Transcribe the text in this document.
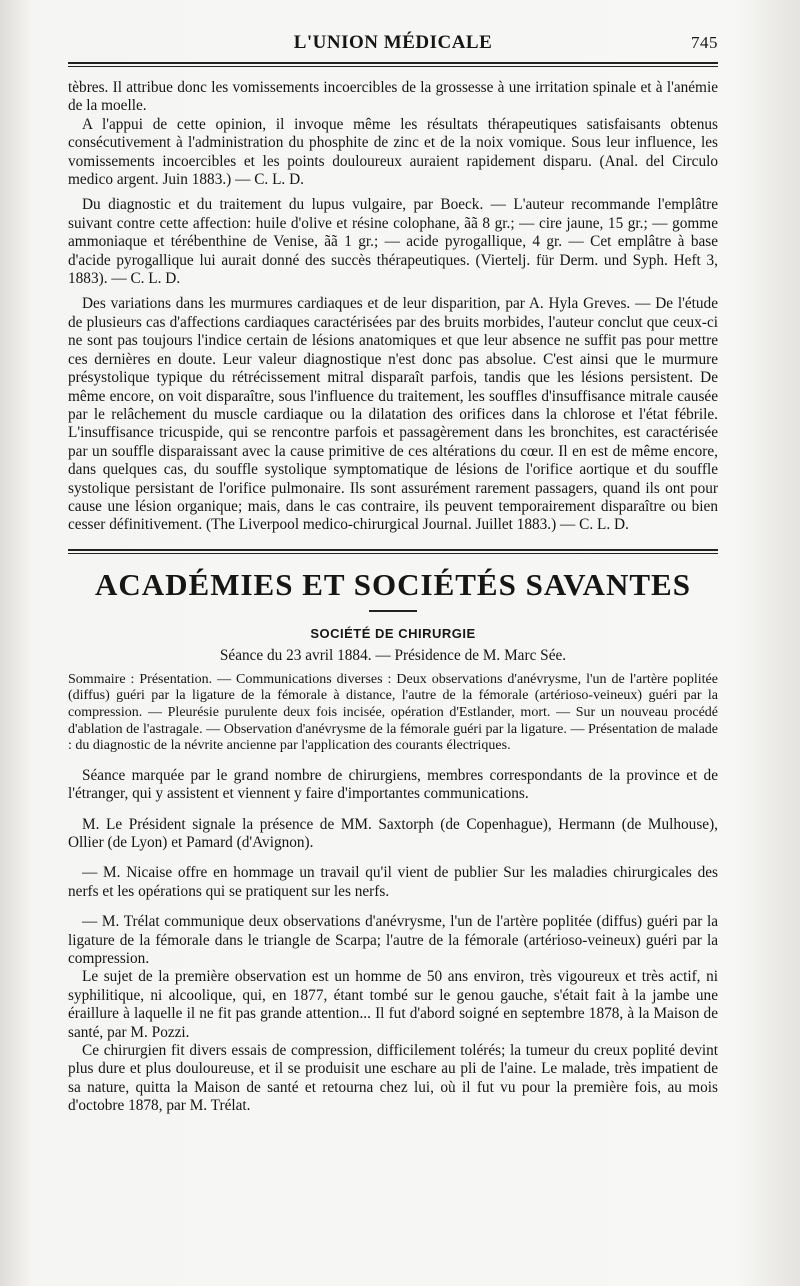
L'UNION MÉDICALE	745

tèbres. Il attribue donc les vomissements incoercibles de la grossesse à une irritation spinale et à l'anémie de la moelle.

A l'appui de cette opinion, il invoque même les résultats thérapeutiques satisfaisants obtenus consécutivement à l'administration du phosphite de zinc et de la noix vomique. Sous leur influence, les vomissements incoercibles et les points douloureux auraient rapidement disparu. (Anal. del Circulo medico argent. Juin 1883.) — C. L. D.

Du diagnostic et du traitement du lupus vulgaire, par Boeck. — L'auteur recommande l'emplâtre suivant contre cette affection: huile d'olive et résine colophane, ãã 8 gr.; — cire jaune, 15 gr.; — gomme ammoniaque et térébenthine de Venise, ãã 1 gr.; — acide pyrogallique, 4 gr. — Cet emplâtre à base d'acide pyrogallique lui aurait donné des succès thérapeutiques. (Viertelj. für Derm. und Syph. Heft 3, 1883). — C. L. D.

Des variations dans les murmures cardiaques et de leur disparition, par A. Hyla Greves. — De l'étude de plusieurs cas d'affections cardiaques caractérisées par des bruits morbides, l'auteur conclut que ceux-ci ne sont pas toujours l'indice certain de lésions anatomiques et que leur absence ne suffit pas pour mettre ces dernières en doute. Leur valeur diagnostique n'est donc pas absolue. C'est ainsi que le murmure présystolique typique du rétrécissement mitral disparaît parfois, tandis que les lésions persistent. De même encore, on voit disparaître, sous l'influence du traitement, les souffles d'insuffisance mitrale causée par le relâchement du muscle cardiaque ou la dilatation des orifices dans la chlorose et l'état fébrile. L'insuffisance tricuspide, qui se rencontre parfois et passagèrement dans les bronchites, est caractérisée par un souffle disparaissant avec la cause primitive de ces altérations du cœur. Il en est de même encore, dans quelques cas, du souffle systolique symptomatique de lésions de l'orifice aortique et du souffle systolique persistant de l'orifice pulmonaire. Ils sont assurément rarement passagers, quand ils ont pour cause une lésion organique; mais, dans le cas contraire, ils peuvent temporairement disparaître ou bien cesser définitivement. (The Liverpool medico-chirurgical Journal. Juillet 1883.) — C. L. D.

ACADÉMIES ET SOCIÉTÉS SAVANTES
SOCIÉTÉ DE CHIRURGIE
Séance du 23 avril 1884. — Présidence de M. Marc Sée.

Sommaire : Présentation. — Communications diverses : Deux observations d'anévrysme, l'un de l'artère poplitée (diffus) guéri par la ligature de la fémorale à distance, l'autre de la fémorale (artérioso-veineux) guéri par la compression. — Pleurésie purulente deux fois incisée, opération d'Estlander, mort. — Sur un nouveau procédé d'ablation de l'astragale. — Observation d'anévrysme de la fémorale guéri par la ligature. — Présentation de malade : du diagnostic de la névrite ancienne par l'application des courants électriques.

Séance marquée par le grand nombre de chirurgiens, membres correspondants de la province et de l'étranger, qui y assistent et viennent y faire d'importantes communications.

M. Le Président signale la présence de MM. Saxtorph (de Copenhague), Hermann (de Mulhouse), Ollier (de Lyon) et Pamard (d'Avignon).

— M. Nicaise offre en hommage un travail qu'il vient de publier Sur les maladies chirurgicales des nerfs et les opérations qui se pratiquent sur les nerfs.

— M. Trélat communique deux observations d'anévrysme, l'un de l'artère poplitée (diffus) guéri par la ligature de la fémorale dans le triangle de Scarpa; l'autre de la fémorale (artérioso-veineux) guéri par la compression.

Le sujet de la première observation est un homme de 50 ans environ, très vigoureux et très actif, ni syphilitique, ni alcoolique, qui, en 1877, étant tombé sur le genou gauche, s'était fait à la jambe une éraillure à laquelle il ne fit pas grande attention... Il fut d'abord soigné en septembre 1878, à la Maison de santé, par M. Pozzi.

Ce chirurgien fit divers essais de compression, difficilement tolérés; la tumeur du creux poplité devint plus dure et plus douloureuse, et il se produisit une eschare au pli de l'aine. Le malade, très impatient de sa nature, quitta la Maison de santé et retourna chez lui, où il fut vu pour la première fois, au mois d'octobre 1878, par M. Trélat.
